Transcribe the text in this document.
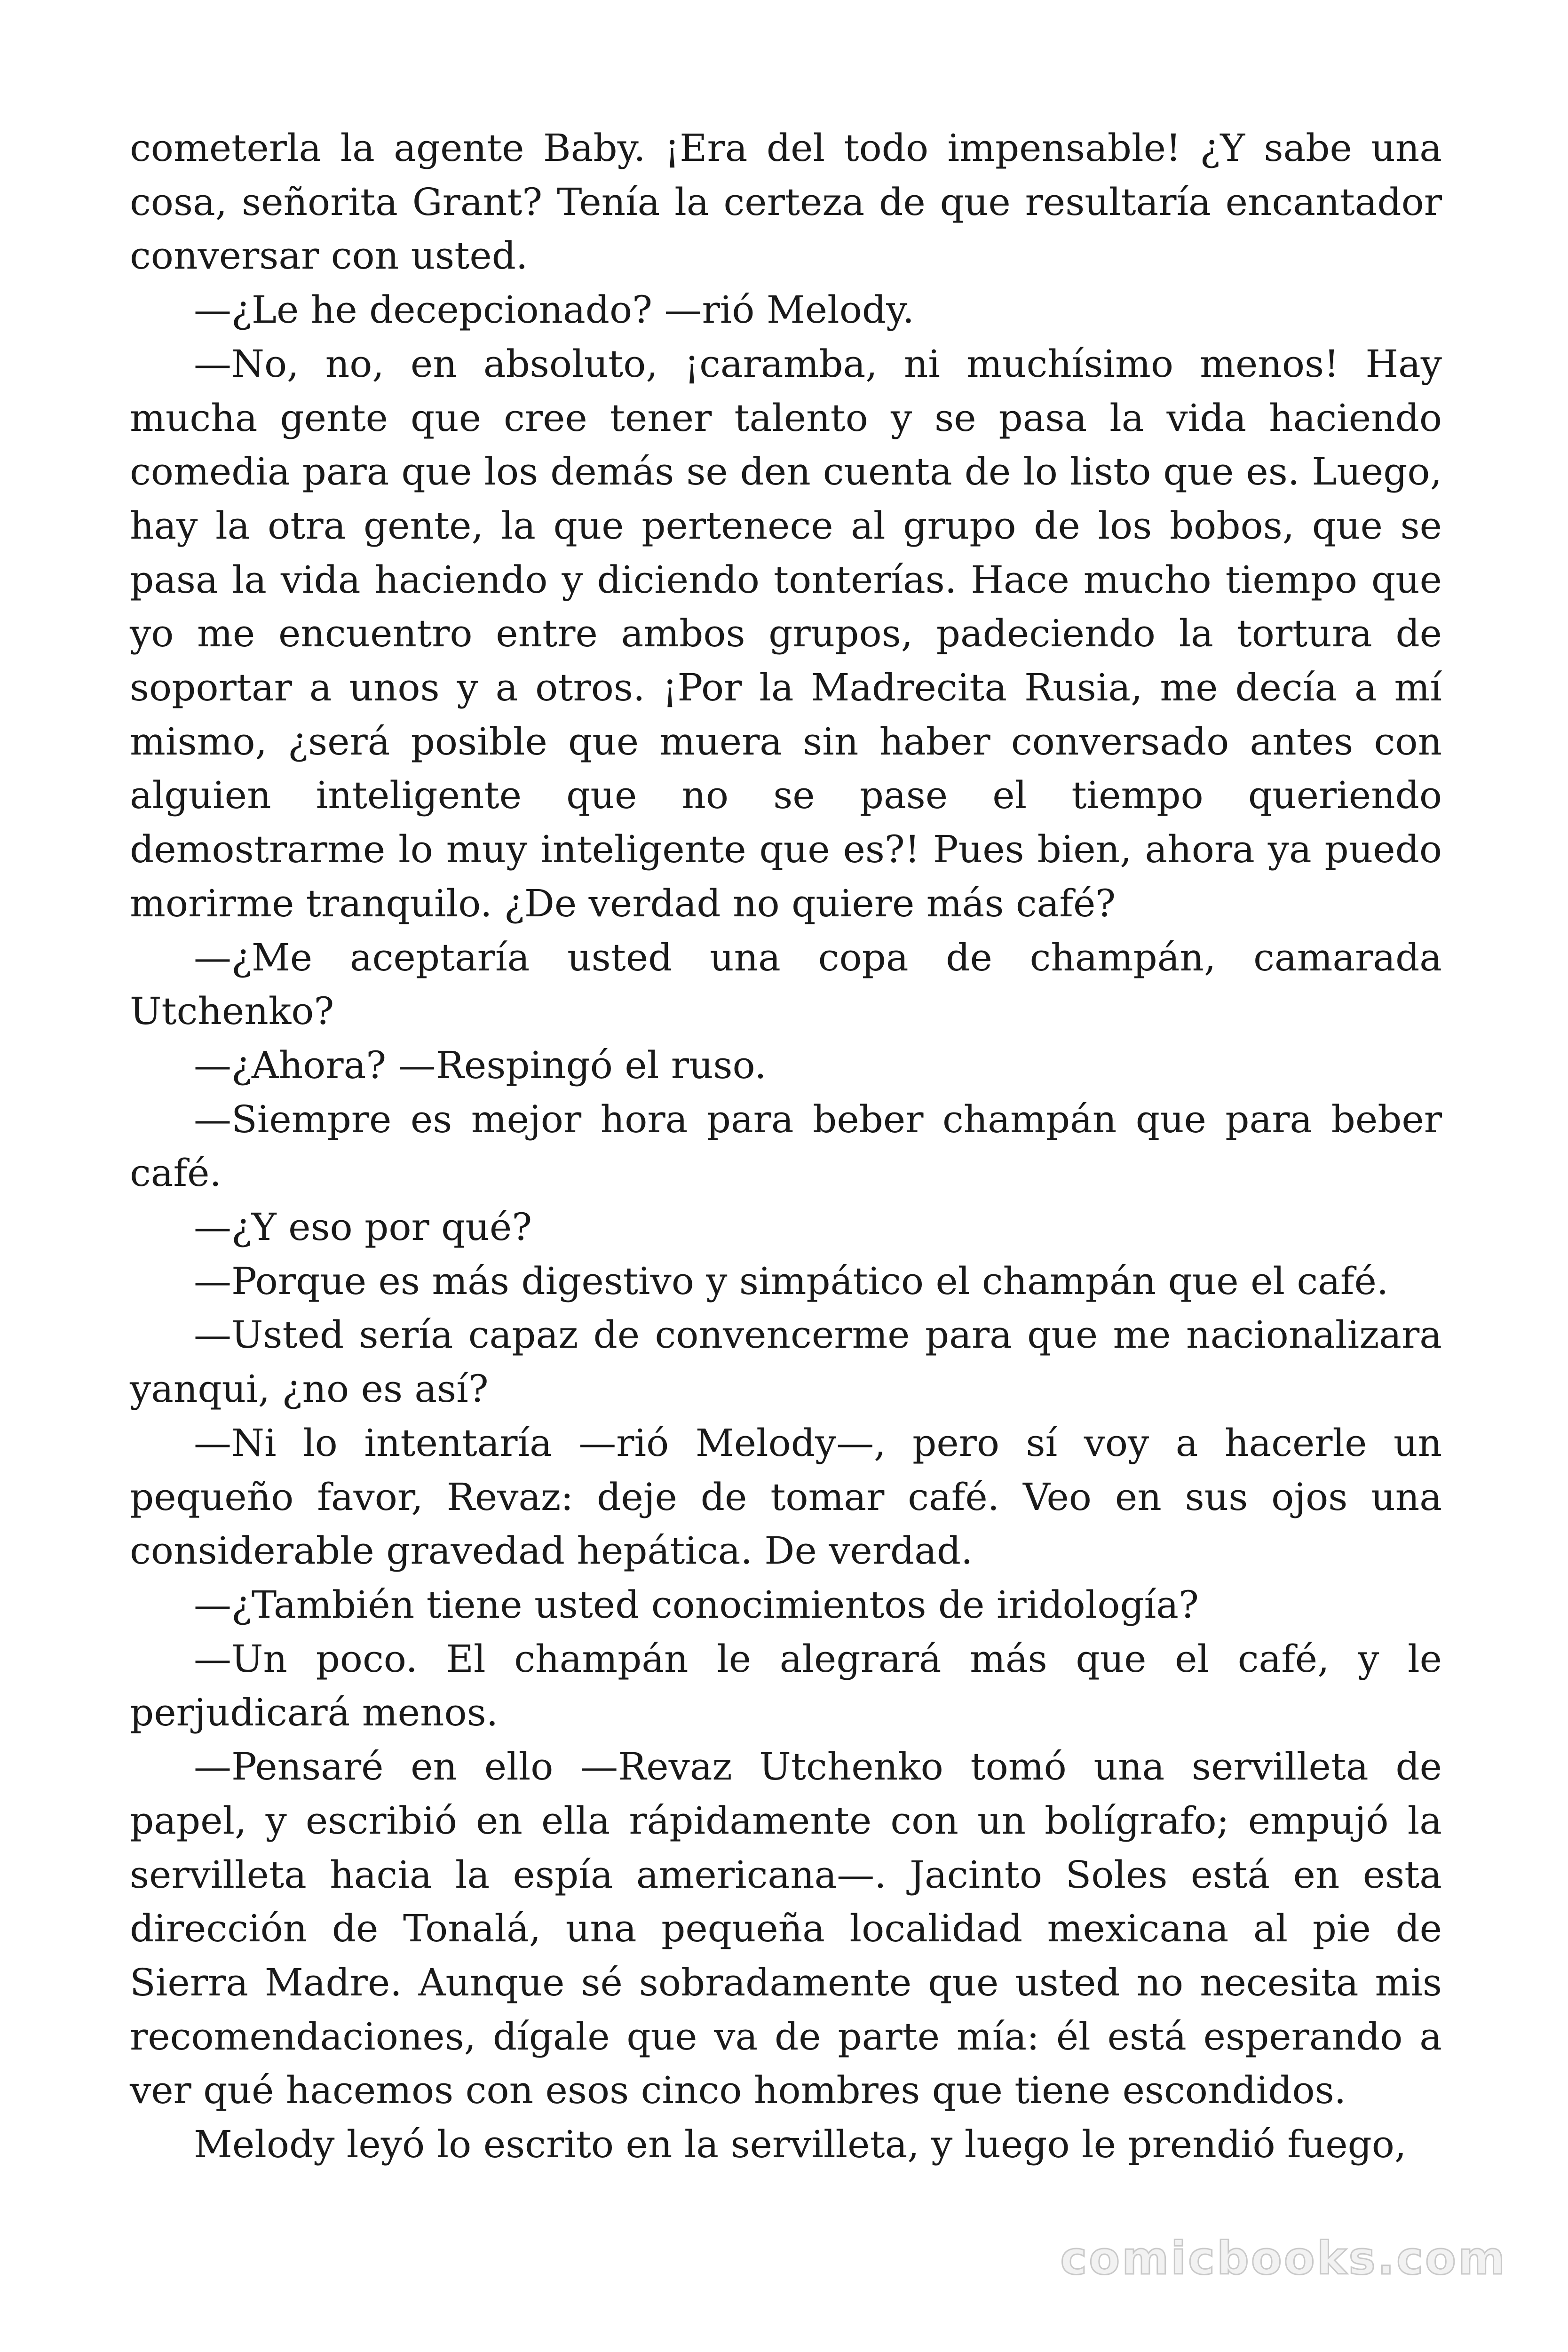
cometerla la agente Baby. ¡Era del todo impensable! ¿Y sabe una cosa, señorita Grant? Tenía la certeza de que resultaría encantador conversar con usted.

—¿Le he decepcionado? —rió Melody.

—No, no, en absoluto, ¡caramba, ni muchísimo menos! Hay mucha gente que cree tener talento y se pasa la vida haciendo comedia para que los demás se den cuenta de lo listo que es. Luego, hay la otra gente, la que pertenece al grupo de los bobos, que se pasa la vida haciendo y diciendo tonterías. Hace mucho tiempo que yo me encuentro entre ambos grupos, padeciendo la tortura de soportar a unos y a otros. ¡Por la Madrecita Rusia, me decía a mí mismo, ¿será posible que muera sin haber conversado antes con alguien inteligente que no se pase el tiempo queriendo demostrarme lo muy inteligente que es?! Pues bien, ahora ya puedo morirme tranquilo. ¿De verdad no quiere más café?

—¿Me aceptaría usted una copa de champán, camarada Utchenko?

—¿Ahora? —Respingó el ruso.

—Siempre es mejor hora para beber champán que para beber café.

—¿Y eso por qué?

—Porque es más digestivo y simpático el champán que el café.

—Usted sería capaz de convencerme para que me nacionalizara yanqui, ¿no es así?

—Ni lo intentaría —rió Melody—, pero sí voy a hacerle un pequeño favor, Revaz: deje de tomar café. Veo en sus ojos una considerable gravedad hepática. De verdad.

—¿También tiene usted conocimientos de iridología?

—Un poco. El champán le alegrará más que el café, y le perjudicará menos.

—Pensaré en ello —Revaz Utchenko tomó una servilleta de papel, y escribió en ella rápidamente con un bolígrafo; empujó la servilleta hacia la espía americana—. Jacinto Soles está en esta dirección de Tonalá, una pequeña localidad mexicana al pie de Sierra Madre. Aunque sé sobradamente que usted no necesita mis recomendaciones, dígale que va de parte mía: él está esperando a ver qué hacemos con esos cinco hombres que tiene escondidos.

Melody leyó lo escrito en la servilleta, y luego le prendió fuego,

comicbooks.com
